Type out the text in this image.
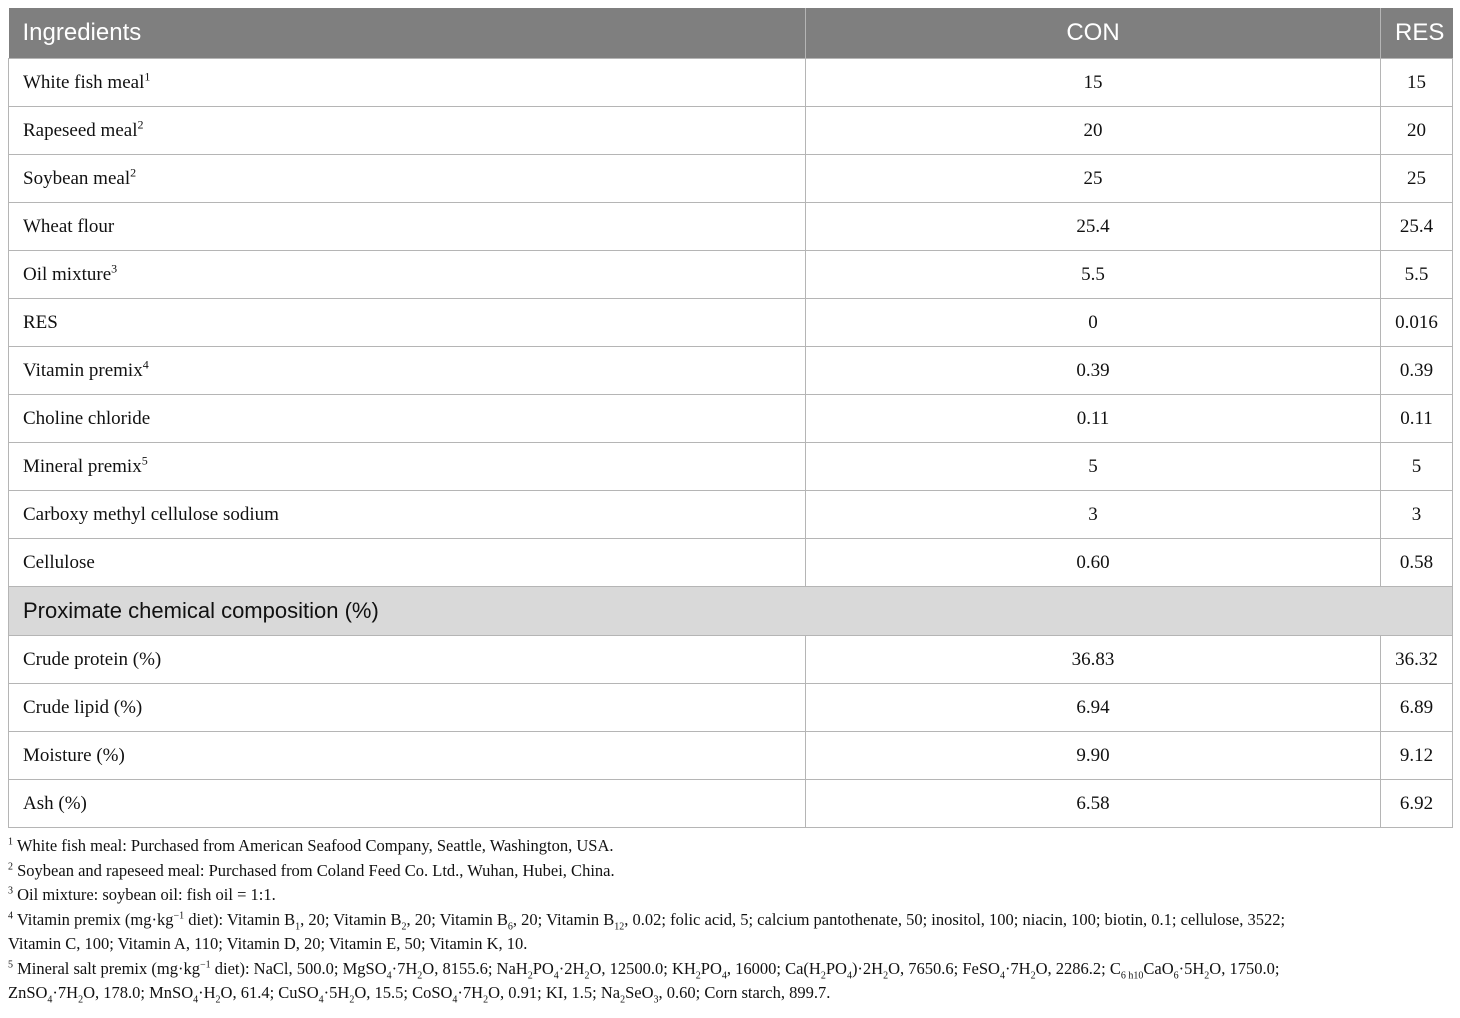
Ingredients	CON	RES
White fish meal$^1$	15	15
Rapeseed meal$^2$	20	20
Soybean meal$^2$	25	25
Wheat flour	25.4	25.4
Oil mixture$^3$	5.5	5.5
RES	0	0.016
Vitamin premix$^4$	0.39	0.39
Choline chloride	0.11	0.11
Mineral premix$^5$	5	5
Carboxy methyl cellulose sodium	3	3
Cellulose	0.60	0.58
Proximate chemical composition (%)		
Crude protein (%)	36.83	36.32
Crude lipid (%)	6.94	6.89
Moisture (%)	9.90	9.12
Ash (%)	6.58	6.92

$^1$ White fish meal: Purchased from American Seafood Company, Seattle, Washington, USA.

$^2$ Soybean and rapeseed meal: Purchased from Coland Feed Co. Ltd., Wuhan, Hubei, China.

$^3$ Oil mixture: soybean oil: fish oil = 1:1.

$^4$ Vitamin premix ($mg\cdot kg^{-1}$ diet): Vitamin $B_1$, 20; Vitamin $B_2$, 20; Vitamin $B_6$, 20; Vitamin $B_{12}$, 0.02; folic acid, 5; calcium pantothenate, 50; inositol, 100; niacin, 100; biotin, 0.1; cellulose, 3522;

Vitamin C, 100; Vitamin A, 110; Vitamin D, 20; Vitamin E, 50; Vitamin K, 10.

$^5$ Mineral salt premix ($mg\cdot kg^{-1}$ diet): NaCl, 500.0; $MgSO_4\cdot 7H_2O$, 8155.6; $NaH_2PO_4\cdot 2H_2O$, 12500.0; $KH_2PO_4$, 16000; $Ca(H_2PO_4)\cdot 2H_2O$, 7650.6; $FeSO_4\cdot 7H_2O$, 2286.2; $C_{6 h10}CaO_6\cdot 5H_2O$, 1750.0;

$ZnSO_4\cdot 7H_2O$, 178.0; $MnSO_4\cdot H_2O$, 61.4; $CuSO_4\cdot 5H_2O$, 15.5; $CoSO_4\cdot 7H_2O$, 0.91; KI, 1.5; $Na_2SeO_3$, 0.60; Corn starch, 899.7.
